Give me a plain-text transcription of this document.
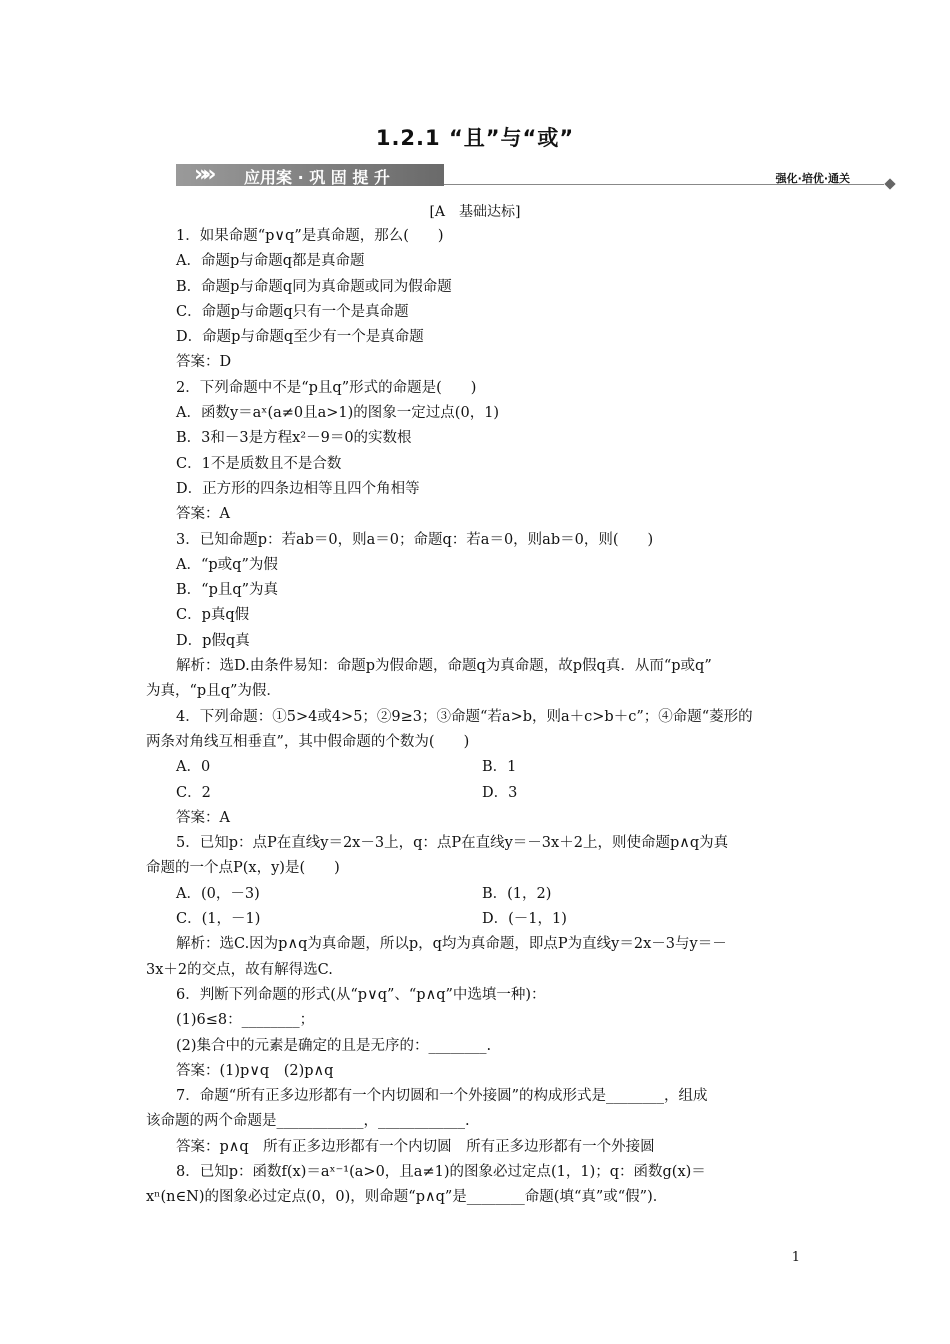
1.2.1 “且”与“或”
»» 应用案 · 巩 固 提 升	强化·培优·通关
[A　基础达标]
1．如果命题“p∨q”是真命题，那么(　　)
A．命题p与命题q都是真命题
B．命题p与命题q同为真命题或同为假命题
C．命题p与命题q只有一个是真命题
D．命题p与命题q至少有一个是真命题
答案：D
2．下列命题中不是“p且q”形式的命题是(　　)
A．函数y＝aˣ(a≠0且a>1)的图象一定过点(0，1)
B．3和－3是方程x²－9＝0的实数根
C．1不是质数且不是合数
D．正方形的四条边相等且四个角相等
答案：A
3．已知命题p：若ab＝0，则a＝0；命题q：若a＝0，则ab＝0，则(　　)
A．“p或q”为假
B．“p且q”为真
C．p真q假
D．p假q真
解析：选D.由条件易知：命题p为假命题，命题q为真命题，故p假q真．从而“p或q”
为真，“p且q”为假．
4．下列命题：①5>4或4>5；②9≥3；③命题“若a>b，则a＋c>b＋c”；④命题“菱形的
两条对角线互相垂直”，其中假命题的个数为(　　)
A．0	B．1
C．2	D．3
答案：A
5．已知p：点P在直线y＝2x－3上，q：点P在直线y＝－3x＋2上，则使命题p∧q为真
命题的一个点P(x，y)是(　　)
A．(0，－3)	B．(1，2)
C．(1，－1)	D．(－1，1)
解析：选C.因为p∧q为真命题，所以p，q均为真命题，即点P为直线y＝2x－3与y＝－
3x＋2的交点，故有解得选C.
6．判断下列命题的形式(从“p∨q”、“p∧q”中选填一种)：
(1)6≤8：________；
(2)集合中的元素是确定的且是无序的：________.
答案：(1)p∨q　(2)p∧q
7．命题“所有正多边形都有一个内切圆和一个外接圆”的构成形式是________，组成
该命题的两个命题是____________，____________.
答案：p∧q　所有正多边形都有一个内切圆　所有正多边形都有一个外接圆
8．已知p：函数f(x)＝aˣ⁻¹(a>0，且a≠1)的图象必过定点(1，1)；q：函数g(x)＝
xⁿ(n∈N)的图象必过定点(0，0)，则命题“p∧q”是________命题(填“真”或“假”)．
1
